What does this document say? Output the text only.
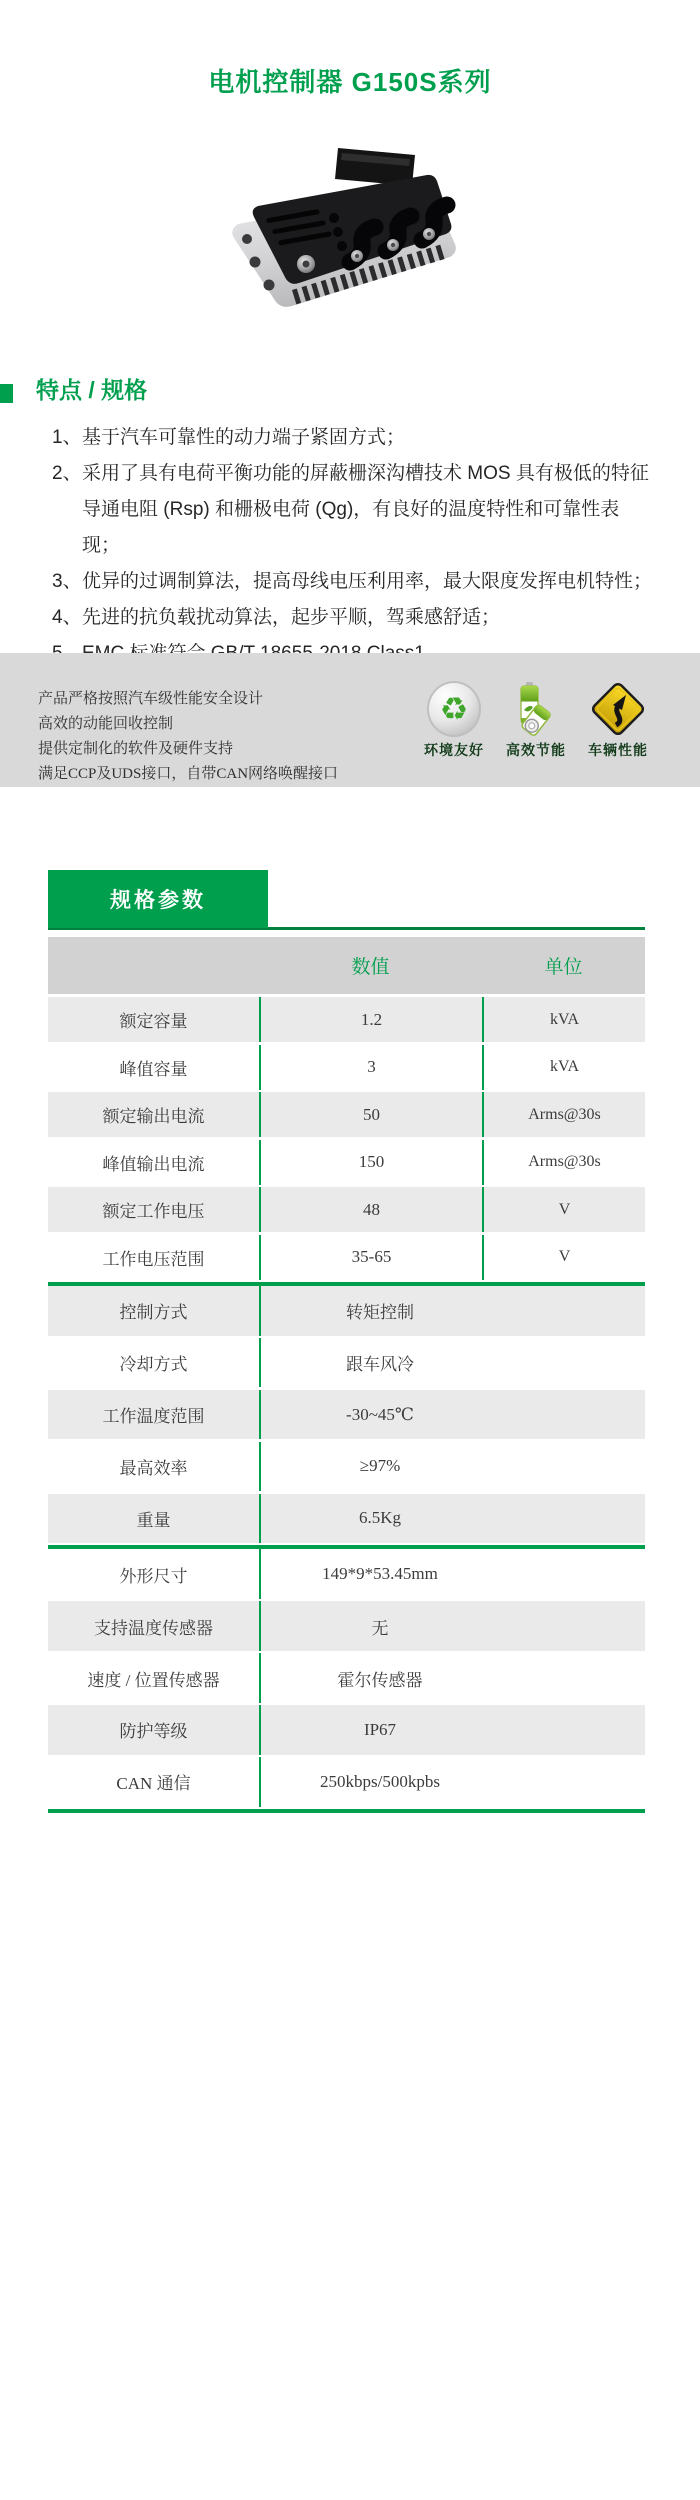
电机控制器 G150S系列
特点 / 规格
1、 基于汽车可靠性的动力端子紧固方式；
2、 采用了具有电荷平衡功能的屏蔽栅深沟槽技术 MOS 具有极低的特征导通电阻 (Rsp) 和栅极电荷 (Qg)，有良好的温度特性和可靠性表现；
3、 优异的过调制算法，提高母线电压利用率，最大限度发挥电机特性；
4、 先进的抗负载扰动算法，起步平顺，驾乘感舒适；
产品严格按照汽车级性能安全设计
高效的动能回收控制
提供定制化的软件及硬件支持
满足CCP及UDS接口，自带CAN网络唤醒接口
♻
环境友好	高效节能	车辆性能
规格参数
数值	单位
额定容量	1.2	kVA
峰值容量	3	kVA
额定输出电流	50	Arms@30s
峰值输出电流	150	Arms@30s
额定工作电压	48	V
工作电压范围	35-65	V
控制方式	转矩控制
冷却方式	跟车风冷
工作温度范围	-30~45℃
最高效率	≥97%
重量	6.5Kg
外形尺寸	149*9*53.45mm
支持温度传感器	无
速度 / 位置传感器	霍尔传感器
防护等级	IP67
CAN 通信	250kbps/500kpbs
